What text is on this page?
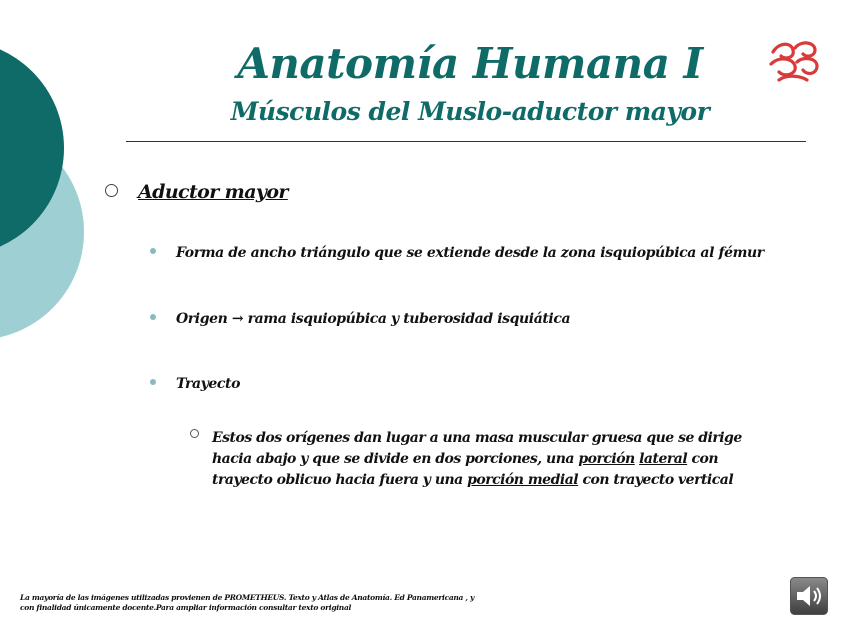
Anatomía Humana I
Músculos del Muslo-aductor mayor

Aductor mayor

Forma de ancho triángulo que se extiende desde la zona isquiopúbica al fémur

Origen → rama isquiopúbica y tuberosidad isquiática

Trayecto

Estos dos orígenes dan lugar a una masa muscular gruesa que se dirige hacia abajo y que se divide en dos porciones, una porción lateral con trayecto oblicuo hacia fuera y una porción medial con trayecto vertical

La mayoría de las imágenes utilizadas provienen de PROMETHEUS. Texto y Atlas de Anatomía. Ed Panamericana , y con finalidad únicamente docente.Para ampliar información consultar texto original
